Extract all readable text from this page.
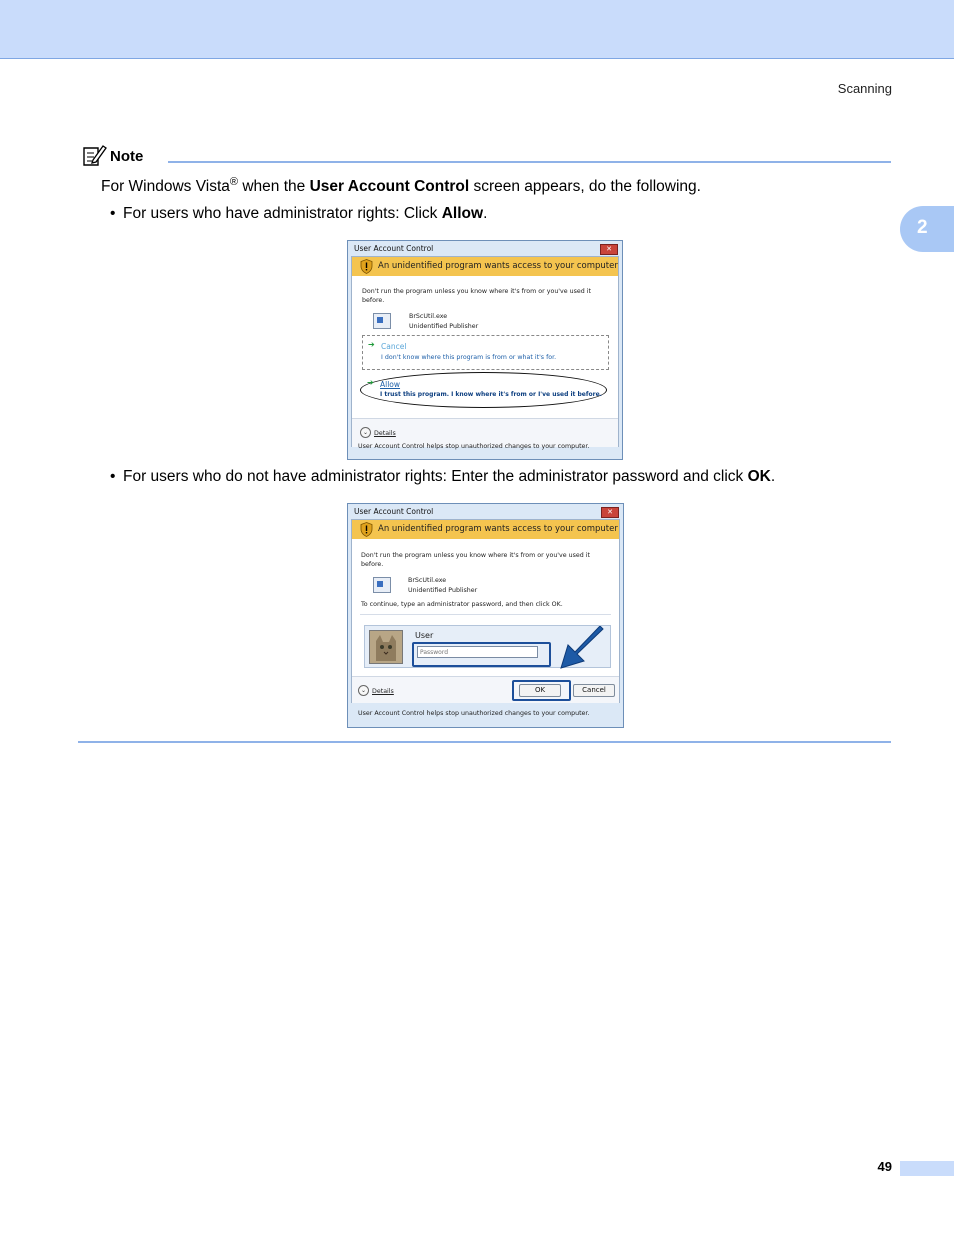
Scanning
2
Note
For Windows Vista® when the User Account Control screen appears, do the following.
• For users who have administrator rights: Click Allow.
User Account Control	✕
An unidentified program wants access to your computer
Don't run the program unless you know where it's from or you've used it
before.
BrScUtil.exe
Unidentified Publisher
➔ Cancel
I don't know where this program is from or what it's for.
➔ Allow
I trust this program. I know where it's from or I've used it before.
⌄ Details
User Account Control helps stop unauthorized changes to your computer.
• For users who do not have administrator rights: Enter the administrator password and click OK.
User Account Control	✕
An unidentified program wants access to your computer
Don't run the program unless you know where it's from or you've used it
before.
BrScUtil.exe
Unidentified Publisher
To continue, type an administrator password, and then click OK.
User
Password
⌄ Details	OK	Cancel
User Account Control helps stop unauthorized changes to your computer.
49
